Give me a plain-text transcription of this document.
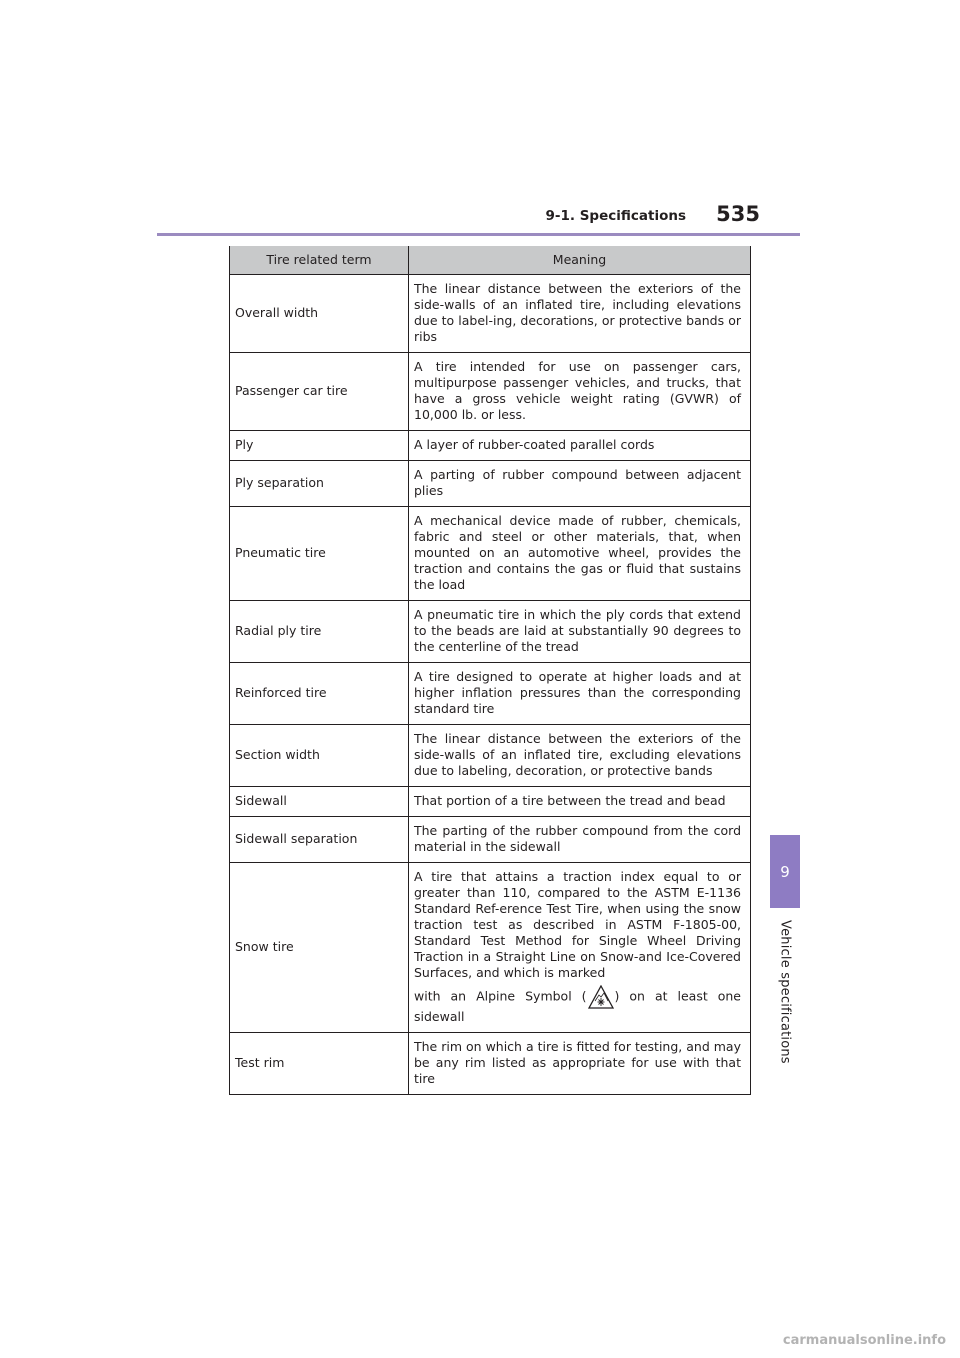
9-1. Specifications	535
9
Vehicle specifications
Tire related term	Meaning
Overall width	The linear distance between the exteriors of the side-walls of an inflated tire, including elevations due to label-ing, decorations, or protective bands or ribs
Passenger car tire	A tire intended for use on passenger cars, multipurpose passenger vehicles, and trucks, that have a gross vehicle weight rating (GVWR) of 10,000 lb. or less.
Ply	A layer of rubber-coated parallel cords
Ply separation	A parting of rubber compound between adjacent plies
Pneumatic tire	A mechanical device made of rubber, chemicals, fabric and steel or other materials, that, when mounted on an automotive wheel, provides the traction and contains the gas or fluid that sustains the load
Radial ply tire	A pneumatic tire in which the ply cords that extend to the beads are laid at substantially 90 degrees to the centerline of the tread
Reinforced tire	A tire designed to operate at higher loads and at higher inflation pressures than the corresponding standard tire
Section width	The linear distance between the exteriors of the side-walls of an inflated tire, excluding elevations due to labeling, decoration, or protective bands
Sidewall	That portion of a tire between the tread and bead
Sidewall separation	The parting of the rubber compound from the cord material in the sidewall
Snow tire	A tire that attains a traction index equal to or greater than 110, compared to the ASTM E-1136 Standard Ref-erence Test Tire, when using the snow traction test as described in ASTM F-1805-00, Standard Test Method for Single Wheel Driving Traction in a Straight Line on Snow-and Ice-Covered Surfaces, and which is marked
with an Alpine Symbol ( ) on at least one sidewall

Test rim	The rim on which a tire is fitted for testing, and may be any rim listed as appropriate for use with that tire
carmanualsonline.info
